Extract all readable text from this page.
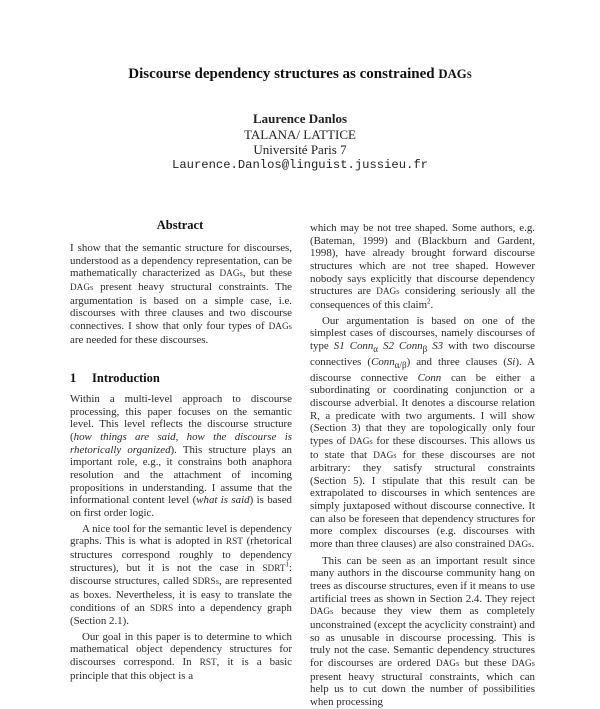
Discourse dependency structures as constrained DAGs
Laurence Danlos
TALANA/ LATTICE
Université Paris 7
Laurence.Danlos@linguist.jussieu.fr
Abstract

I show that the semantic structure for discourses, understood as a dependency representation, can be mathematically characterized as DAGs, but these DAGs present heavy structural constraints. The argumentation is based on a simple case, i.e. discourses with three clauses and two discourse connectives. I show that only four types of DAGs are needed for these discourses.

1 Introduction

Within a multi-level approach to discourse processing, this paper focuses on the semantic level. This level reflects the discourse structure (how things are said, how the discourse is rhetorically organized). This structure plays an important role, e.g., it constrains both anaphora resolution and the attachment of incoming propositions in understanding. I assume that the informational content level (what is said) is based on first order logic.

A nice tool for the semantic level is dependency graphs. This is what is adopted in RST (rhetorical structures correspond roughly to dependency structures), but it is not the case in SDRT$^1$: discourse structures, called SDRSs, are represented as boxes. Nevertheless, it is easy to translate the conditions of an SDRS into a dependency graph (Section 2.1).

Our goal in this paper is to determine to which mathematical object dependency structures for discourses correspond. In RST, it is a basic principle that this object is a

which may be not tree shaped. Some authors, e.g. (Bateman, 1999) and (Blackburn and Gardent, 1998), have already brought forward discourse structures which are not tree shaped. However nobody says explicitly that discourse dependency structures are DAGs considering seriously all the consequences of this claim$^2$.

Our argumentation is based on one of the simplest cases of discourses, namely discourses of type S1 Conn$_\alpha$ S2 Conn$_\beta$ S3 with two discourse connectives (Conn$_{\alpha/\beta}$) and three clauses (Si). A discourse connective Conn can be either a subordinating or coordinating conjunction or a discourse adverbial. It denotes a discourse relation R, a predicate with two arguments. I will show (Section 3) that they are topologically only four types of DAGs for these discourses. This allows us to state that DAGs for these discourses are not arbitrary: they satisfy structural constraints (Section 5). I stipulate that this result can be extrapolated to discourses in which sentences are simply juxtaposed without discourse connective. It can also be foreseen that dependency structures for more complex discourses (e.g. discourses with more than three clauses) are also constrained DAGs.

This can be seen as an important result since many authors in the discourse community hang on trees as discourse structures, even if it means to use artificial trees as shown in Section 2.4. They reject DAGs because they view them as completely unconstrained (except the acyclicity constraint) and so as unusable in discourse processing. This is truly not the case. Semantic dependency structures for discourses are ordered DAGs but these DAGs present heavy structural constraints, which can help us to cut down the number of possibilities when processing
